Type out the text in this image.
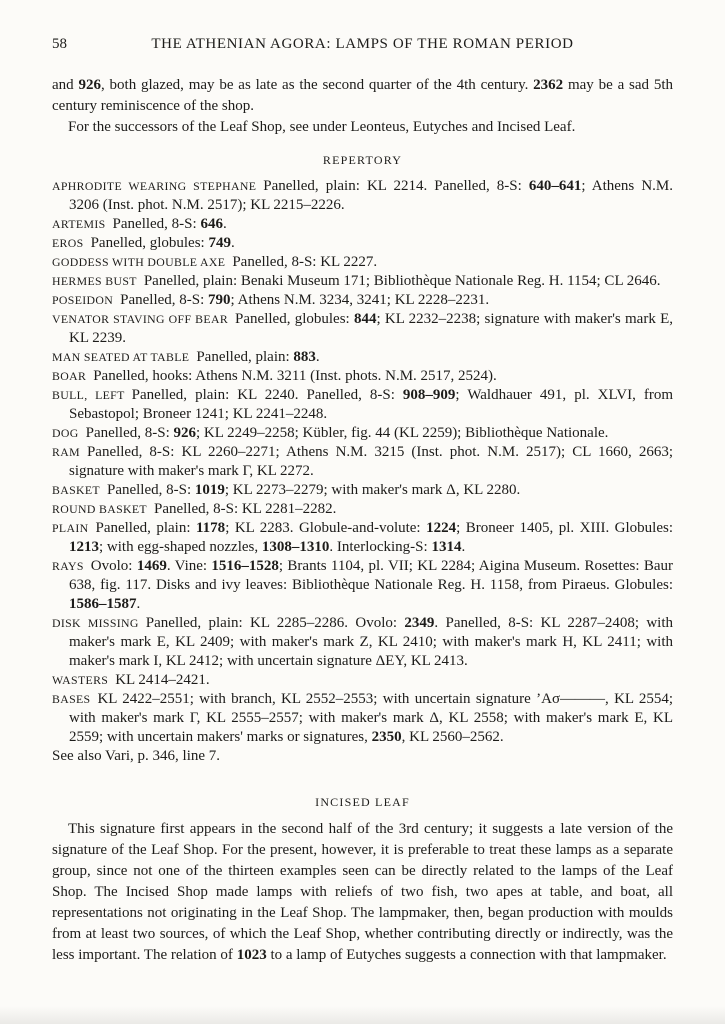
58	THE ATHENIAN AGORA: LAMPS OF THE ROMAN PERIOD

and 926, both glazed, may be as late as the second quarter of the 4th century. 2362 may be a sad 5th century reminiscence of the shop.

For the successors of the Leaf Shop, see under Leonteus, Eutyches and Incised Leaf.

REPERTORY
APHRODITE WEARING STEPHANE Panelled, plain: KL 2214. Panelled, 8-S: 640–641; Athens N.M. 3206 (Inst. phot. N.M. 2517); KL 2215–2226.
ARTEMIS Panelled, 8-S: 646.
EROS Panelled, globules: 749.
GODDESS WITH DOUBLE AXE Panelled, 8-S: KL 2227.
HERMES BUST Panelled, plain: Benaki Museum 171; Bibliothèque Nationale Reg. H. 1154; CL 2646.
POSEIDON Panelled, 8-S: 790; Athens N.M. 3234, 3241; KL 2228–2231.
VENATOR STAVING OFF BEAR Panelled, globules: 844; KL 2232–2238; signature with maker's mark Ε, KL 2239.
MAN SEATED AT TABLE Panelled, plain: 883.
BOAR Panelled, hooks: Athens N.M. 3211 (Inst. phots. N.M. 2517, 2524).
BULL, LEFT Panelled, plain: KL 2240. Panelled, 8-S: 908–909; Waldhauer 491, pl. XLVI, from Sebastopol; Broneer 1241; KL 2241–2248.
DOG Panelled, 8-S: 926; KL 2249–2258; Kübler, fig. 44 (KL 2259); Bibliothèque Nationale.
RAM Panelled, 8-S: KL 2260–2271; Athens N.M. 3215 (Inst. phot. N.M. 2517); CL 1660, 2663; signature with maker's mark Γ, KL 2272.
BASKET Panelled, 8-S: 1019; KL 2273–2279; with maker's mark Δ, KL 2280.
ROUND BASKET Panelled, 8-S: KL 2281–2282.
PLAIN Panelled, plain: 1178; KL 2283. Globule-and-volute: 1224; Broneer 1405, pl. XIII. Globules: 1213; with egg-shaped nozzles, 1308–1310. Interlocking-S: 1314.
RAYS Ovolo: 1469. Vine: 1516–1528; Brants 1104, pl. VII; KL 2284; Aigina Museum. Rosettes: Baur 638, fig. 117. Disks and ivy leaves: Bibliothèque Nationale Reg. H. 1158, from Piraeus. Globules: 1586–1587.
DISK MISSING Panelled, plain: KL 2285–2286. Ovolo: 2349. Panelled, 8-S: KL 2287–2408; with maker's mark Ε, KL 2409; with maker's mark Ζ, KL 2410; with maker's mark Η, KL 2411; with maker's mark Ι, KL 2412; with uncertain signature ΔΕΥ, KL 2413.
WASTERS KL 2414–2421.
BASES KL 2422–2551; with branch, KL 2552–2553; with uncertain signature ’Ασ———, KL 2554; with maker's mark Γ, KL 2555–2557; with maker's mark Δ, KL 2558; with maker's mark Ε, KL 2559; with uncertain makers' marks or signatures, 2350, KL 2560–2562.

See also Vari, p. 346, line 7.

INCISED LEAF

This signature first appears in the second half of the 3rd century; it suggests a late version of the signature of the Leaf Shop. For the present, however, it is preferable to treat these lamps as a separate group, since not one of the thirteen examples seen can be directly related to the lamps of the Leaf Shop. The Incised Shop made lamps with reliefs of two fish, two apes at table, and boat, all representations not originating in the Leaf Shop. The lampmaker, then, began production with moulds from at least two sources, of which the Leaf Shop, whether contributing directly or indirectly, was the less important. The relation of 1023 to a lamp of Eutyches suggests a connection with that lampmaker.
